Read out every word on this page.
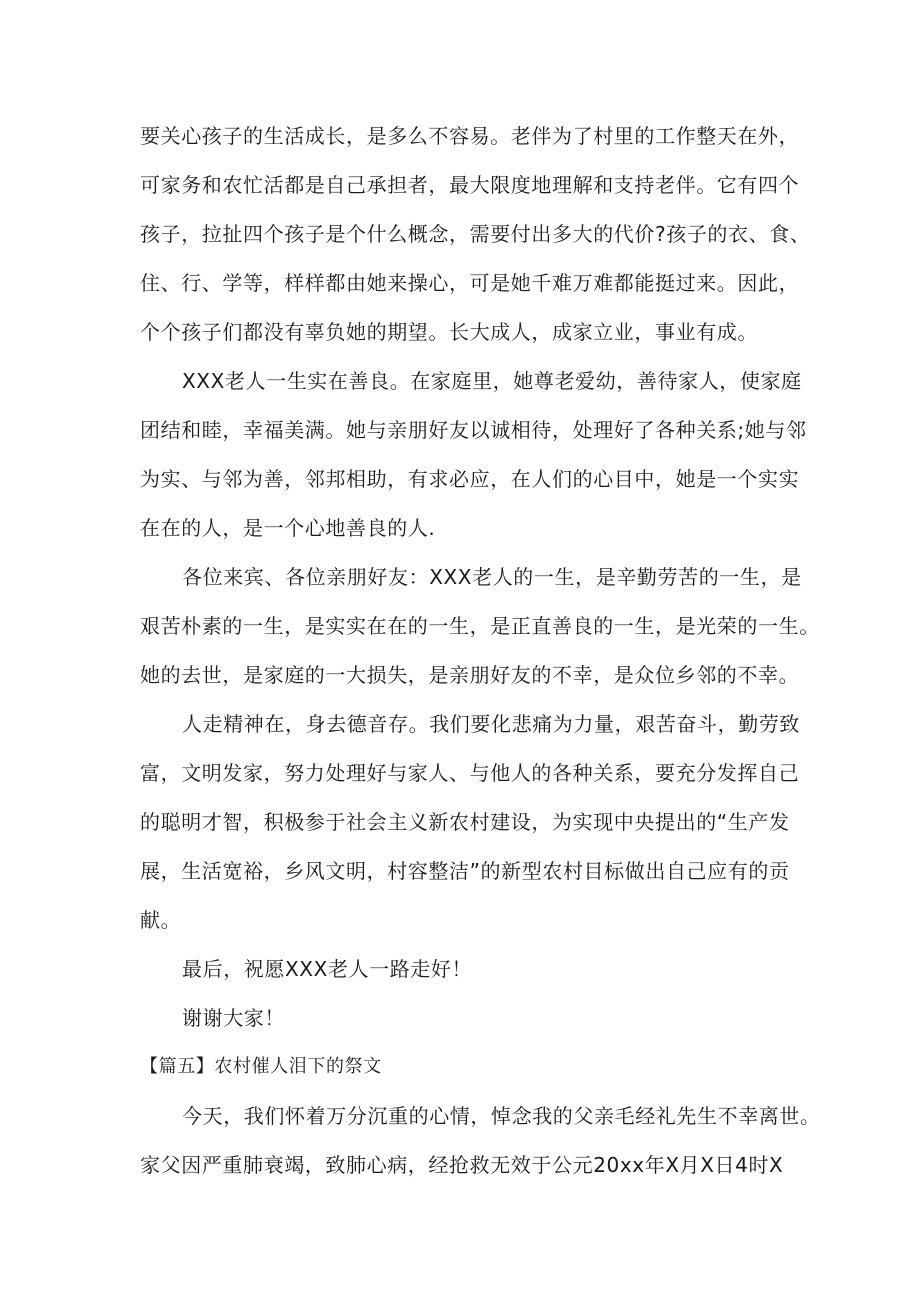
要关心孩子的生活成长，是多么不容易。老伴为了村里的工作整天在外，
可家务和农忙活都是自己承担者，最大限度地理解和支持老伴。它有四个
孩子，拉扯四个孩子是个什么概念，需要付出多大的代价?孩子的衣、食、
住、行、学等，样样都由她来操心，可是她千难万难都能挺过来。因此，
个个孩子们都没有辜负她的期望。长大成人，成家立业，事业有成。
XXX老人一生实在善良。在家庭里，她尊老爱幼，善待家人，使家庭
团结和睦，幸福美满。她与亲朋好友以诚相待，处理好了各种关系;她与邻
为实、与邻为善，邻邦相助，有求必应，在人们的心目中，她是一个实实
在在的人，是一个心地善良的人.
各位来宾、各位亲朋好友：XXX老人的一生，是辛勤劳苦的一生，是
艰苦朴素的一生，是实实在在的一生，是正直善良的一生，是光荣的一生。
她的去世，是家庭的一大损失，是亲朋好友的不幸，是众位乡邻的不幸。
人走精神在，身去德音存。我们要化悲痛为力量，艰苦奋斗，勤劳致
富，文明发家，努力处理好与家人、与他人的各种关系，要充分发挥自己
的聪明才智，积极参于社会主义新农村建设，为实现中央提出的“生产发
展，生活宽裕，乡风文明，村容整洁”的新型农村目标做出自己应有的贡
献。
最后，祝愿XXX老人一路走好！
谢谢大家！
【篇五】农村催人泪下的祭文
今天，我们怀着万分沉重的心情，悼念我的父亲毛经礼先生不幸离世。
家父因严重肺衰竭，致肺心病，经抢救无效于公元20xx年X月X日4时X
